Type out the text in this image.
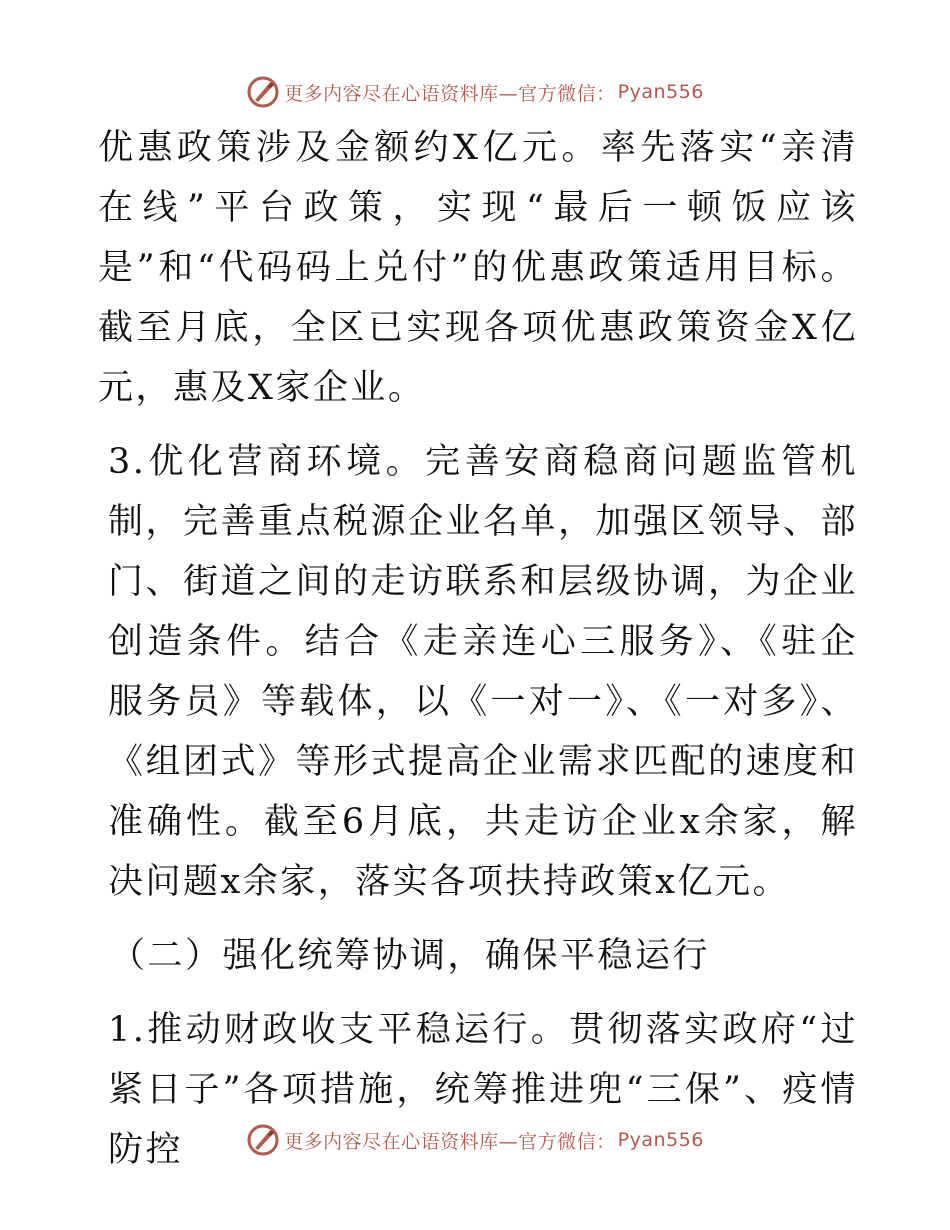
更多内容尽在心语资料库—官方微信： Pyan556

优惠政策涉及金额约X亿元。率先落实“亲清在线”平台政策，实现“最后一顿饭应该是”和“代码码上兑付”的优惠政策适用目标。截至月底，全区已实现各项优惠政策资金X亿元，惠及X家企业。

3.优化营商环境。完善安商稳商问题监管机制，完善重点税源企业名单，加强区领导、部门、街道之间的走访联系和层级协调，为企业创造条件。结合《走亲连心三服务》、《驻企服务员》等载体，以《一对一》、《一对多》、《组团式》等形式提高企业需求匹配的速度和准确性。截至6月底，共走访企业x余家，解决问题x余家，落实各项扶持政策x亿元。

（二）强化统筹协调，确保平稳运行

1.推动财政收支平稳运行。贯彻落实政府“过紧日子”各项措施，统筹推进兜“三保”、疫情防控	更多内容尽在心语资料库—官方微信： Pyan556
